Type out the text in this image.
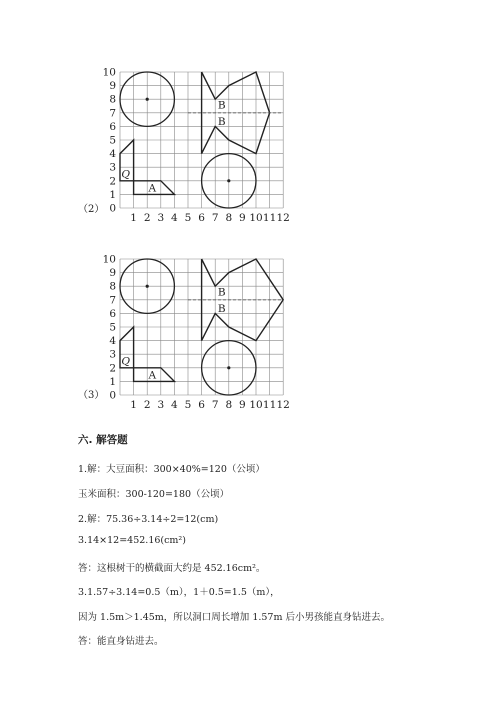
10
9
8
7
6
5
4
3
2
1
0
1 2 3 4 5 6 7 8 9 10 11 12
Q
A
B
B
（2）
10
9
8
7
6
5
4
3
2
1
0
1 2 3 4 5 6 7 8 9 10 11 12
Q
A
B
B
（3）
六. 解答题
1.解：大豆面积：300×40%=120（公顷）
玉米面积：300-120=180（公顷）
2.解：75.36÷3.14÷2=12(cm)
3.14×12=452.16(cm²)
答：这根树干的横截面大约是 452.16cm²。
3.1.57÷3.14=0.5（m），1＋0.5=1.5（m），
因为 1.5m＞1.45m，所以洞口周长增加 1.57m 后小男孩能直身钻进去。
答：能直身钻进去。
